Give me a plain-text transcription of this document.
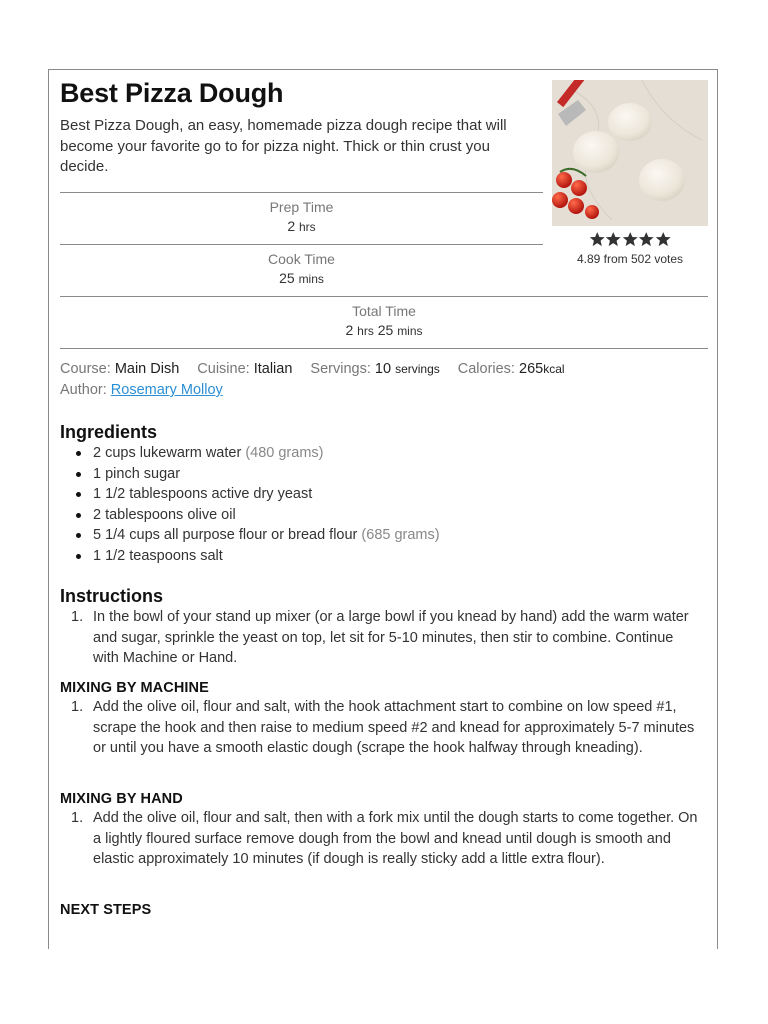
Best Pizza Dough

Best Pizza Dough, an easy, homemade pizza dough recipe that will become your favorite go to for pizza night. Thick or thin crust you decide.

4.89 from 502 votes
Prep Time
2 hrs
Cook Time
25 mins
Total Time
2 hrs 25 mins
Course: Main Dish Cuisine: Italian Servings: 10 servings Calories: 265kcal
Author: Rosemary Molloy
Ingredients
2 cups lukewarm water (480 grams)
1 pinch sugar
1 1/2 tablespoons active dry yeast
2 tablespoons olive oil
5 1/4 cups all purpose flour or bread flour (685 grams)
1 1/2 teaspoons salt
Instructions
1. In the bowl of your stand up mixer (or a large bowl if you knead by hand) add the warm water and sugar, sprinkle the yeast on top, let sit for 5-10 minutes, then stir to combine. Continue with Machine or Hand.
MIXING BY MACHINE
1. Add the olive oil, flour and salt, with the hook attachment start to combine on low speed #1, scrape the hook and then raise to medium speed #2 and knead for approximately 5-7 minutes or until you have a smooth elastic dough (scrape the hook halfway through kneading).
MIXING BY HAND
1. Add the olive oil, flour and salt, then with a fork mix until the dough starts to come together. On a lightly floured surface remove dough from the bowl and knead until dough is smooth and elastic approximately 10 minutes (if dough is really sticky add a little extra flour).
NEXT STEPS
